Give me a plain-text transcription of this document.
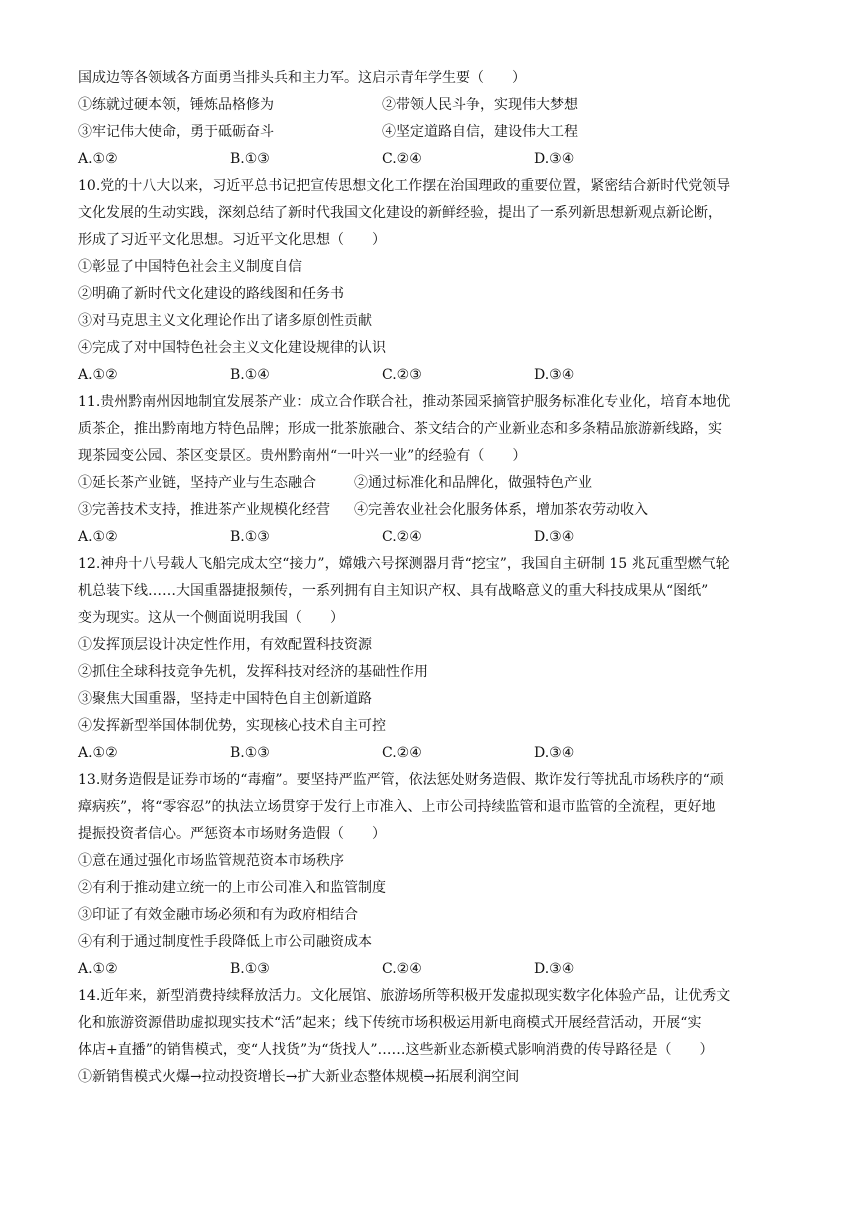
国成边等各领域各方面勇当排头兵和主力军。这启示青年学生要（　　）
①练就过硬本领，锤炼品格修为	②带领人民斗争，实现伟大梦想
③牢记伟大使命，勇于砥砺奋斗	④坚定道路自信，建设伟大工程
A.①②	B.①③	C.②④	D.③④
10.党的十八大以来，习近平总书记把宣传思想文化工作摆在治国理政的重要位置，紧密结合新时代党领导
文化发展的生动实践，深刻总结了新时代我国文化建设的新鲜经验，提出了一系列新思想新观点新论断，
形成了习近平文化思想。习近平文化思想（　　）
①彰显了中国特色社会主义制度自信
②明确了新时代文化建设的路线图和任务书
③对马克思主义文化理论作出了诸多原创性贡献
④完成了对中国特色社会主义文化建设规律的认识
A.①②	B.①④	C.②③	D.③④
11.贵州黔南州因地制宜发展茶产业：成立合作联合社，推动茶园采摘管护服务标准化专业化，培育本地优
质茶企，推出黔南地方特色品牌；形成一批茶旅融合、茶文结合的产业新业态和多条精品旅游新线路，实
现茶园变公园、茶区变景区。贵州黔南州“一叶兴一业”的经验有（　　）
①延长茶产业链，坚持产业与生态融合	②通过标准化和品牌化，做强特色产业
③完善技术支持，推进茶产业规模化经营 ④完善农业社会化服务体系，增加茶农劳动收入
A.①②	B.①③	C.②④	D.③④
12.神舟十八号载人飞船完成太空“接力”，嫦娥六号探测器月背“挖宝”，我国自主研制 15 兆瓦重型燃气轮
机总装下线……大国重器捷报频传，一系列拥有自主知识产权、具有战略意义的重大科技成果从“图纸”
变为现实。这从一个侧面说明我国（　　）
①发挥顶层设计决定性作用，有效配置科技资源
②抓住全球科技竞争先机，发挥科技对经济的基础性作用
③聚焦大国重器，坚持走中国特色自主创新道路
④发挥新型举国体制优势，实现核心技术自主可控
A.①②	B.①③	C.②④	D.③④
13.财务造假是证券市场的“毒瘤”。要坚持严监严管，依法惩处财务造假、欺诈发行等扰乱市场秩序的“顽
瘴病疾”，将“零容忍”的执法立场贯穿于发行上市准入、上市公司持续监管和退市监管的全流程，更好地
提振投资者信心。严惩资本市场财务造假（　　）
①意在通过强化市场监管规范资本市场秩序
②有利于推动建立统一的上市公司准入和监管制度
③印证了有效金融市场必须和有为政府相结合
④有利于通过制度性手段降低上市公司融资成本
A.①②	B.①③	C.②④	D.③④
14.近年来，新型消费持续释放活力。文化展馆、旅游场所等积极开发虚拟现实数字化体验产品，让优秀文
化和旅游资源借助虚拟现实技术“活”起来；线下传统市场积极运用新电商模式开展经营活动，开展“实
体店+直播”的销售模式，变“人找货”为“货找人”……这些新业态新模式影响消费的传导路径是（　　）
①新销售模式火爆→拉动投资增长→扩大新业态整体规模→拓展利润空间
